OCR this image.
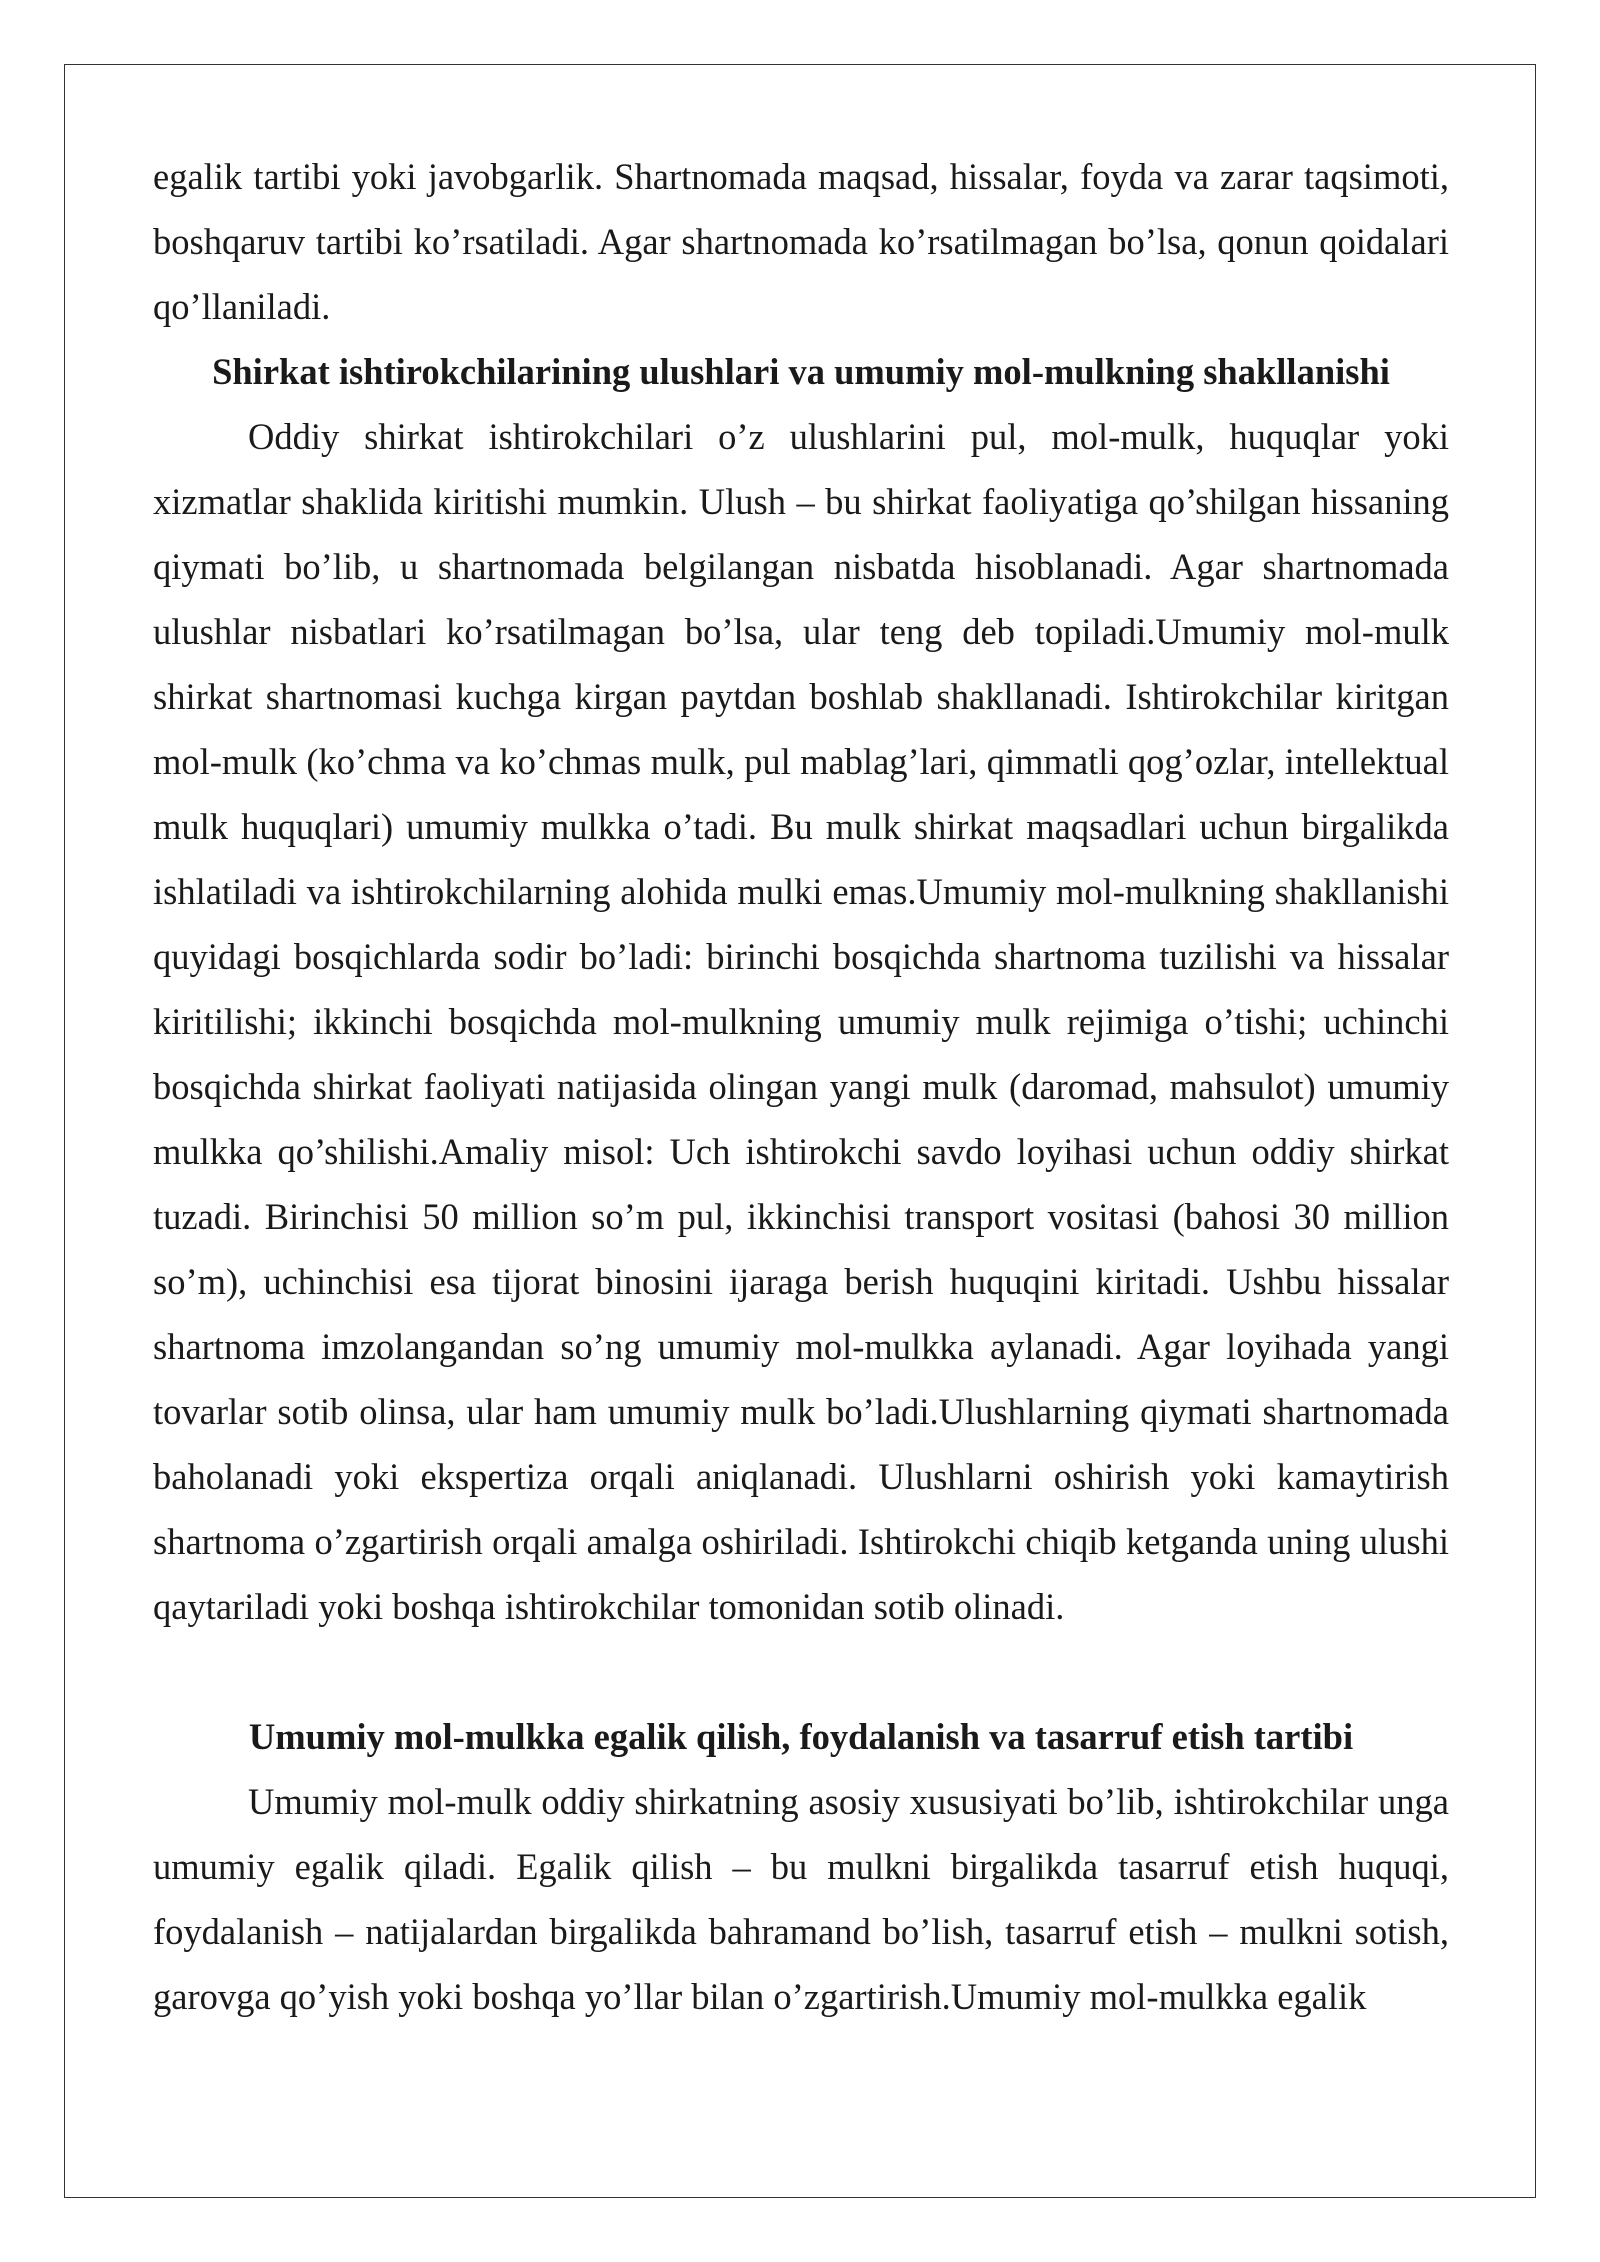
egalik tartibi yoki javobgarlik. Shartnomada maqsad, hissalar, foyda va zarar taqsimoti, boshqaruv tartibi ko’rsatiladi. Agar shartnomada ko’rsatilmagan bo’lsa, qonun qoidalari qo’llaniladi.

Shirkat ishtirokchilarining ulushlari va umumiy mol-mulkning shakllanishi

Oddiy shirkat ishtirokchilari o’z ulushlarini pul, mol-mulk, huquqlar yoki xizmatlar shaklida kiritishi mumkin. Ulush – bu shirkat faoliyatiga qo’shilgan hissaning qiymati bo’lib, u shartnomada belgilangan nisbatda hisoblanadi. Agar shartnomada ulushlar nisbatlari ko’rsatilmagan bo’lsa, ular teng deb topiladi.Umumiy mol-mulk shirkat shartnomasi kuchga kirgan paytdan boshlab shakllanadi. Ishtirokchilar kiritgan mol-mulk (ko’chma va ko’chmas mulk, pul mablag’lari, qimmatli qog’ozlar, intellektual mulk huquqlari) umumiy mulkka o’tadi. Bu mulk shirkat maqsadlari uchun birgalikda ishlatiladi va ishtirokchilarning alohida mulki emas.Umumiy mol-mulkning shakllanishi quyidagi bosqichlarda sodir bo’ladi: birinchi bosqichda shartnoma tuzilishi va hissalar kiritilishi; ikkinchi bosqichda mol-mulkning umumiy mulk rejimiga o’tishi; uchinchi bosqichda shirkat faoliyati natijasida olingan yangi mulk (daromad, mahsulot) umumiy mulkka qo’shilishi.Amaliy misol: Uch ishtirokchi savdo loyihasi uchun oddiy shirkat tuzadi. Birinchisi 50 million so’m pul, ikkinchisi transport vositasi (bahosi 30 million so’m), uchinchisi esa tijorat binosini ijaraga berish huquqini kiritadi. Ushbu hissalar shartnoma imzolangandan so’ng umumiy mol-mulkka aylanadi. Agar loyihada yangi tovarlar sotib olinsa, ular ham umumiy mulk bo’ladi.Ulushlarning qiymati shartnomada baholanadi yoki ekspertiza orqali aniqlanadi. Ulushlarni oshirish yoki kamaytirish shartnoma o’zgartirish orqali amalga oshiriladi. Ishtirokchi chiqib ketganda uning ulushi qaytariladi yoki boshqa ishtirokchilar tomonidan sotib olinadi.

Umumiy mol-mulkka egalik qilish, foydalanish va tasarruf etish tartibi

Umumiy mol-mulk oddiy shirkatning asosiy xususiyati bo’lib, ishtirokchilar unga umumiy egalik qiladi. Egalik qilish – bu mulkni birgalikda tasarruf etish huquqi, foydalanish – natijalardan birgalikda bahramand bo’lish, tasarruf etish – mulkni sotish, garovga qo’yish yoki boshqa yo’llar bilan o’zgartirish.Umumiy mol-mulkka egalik
